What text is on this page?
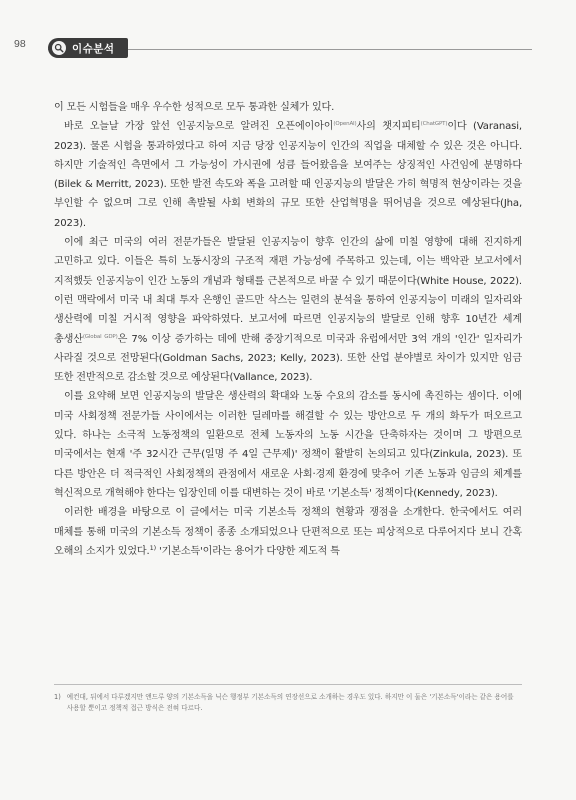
98	이슈분석

이 모든 시험들을 매우 우수한 성적으로 모두 통과한 실체가 있다.

바로 오늘날 가장 앞선 인공지능으로 알려진 오픈에이아이$^{(OpenAI)}$사의 챗지피티$^{(ChatGPT)}$이다 (Varanasi, 2023). 물론 시험을 통과하였다고 하여 지금 당장 인공지능이 인간의 직업을 대체할 수 있은 것은 아니다. 하지만 기술적인 측면에서 그 가능성이 가시권에 성큼 들어왔음을 보여주는 상징적인 사건임에 분명하다(Bilek & Merritt, 2023). 또한 발전 속도와 폭을 고려할 때 인공지능의 발달은 가히 혁명적 현상이라는 것을 부인할 수 없으며 그로 인해 촉발될 사회 변화의 규모 또한 산업혁명을 뛰어넘을 것으로 예상된다(Jha, 2023).

이에 최근 미국의 여러 전문가들은 발달된 인공지능이 향후 인간의 삶에 미칠 영향에 대해 진지하게 고민하고 있다. 이들은 특히 노동시장의 구조적 재편 가능성에 주목하고 있는데, 이는 백악관 보고서에서 지적했듯 인공지능이 인간 노동의 개념과 형태를 근본적으로 바꿀 수 있기 때문이다(White House, 2022). 이런 맥락에서 미국 내 최대 투자 은행인 골드만 삭스는 일련의 분석을 통하여 인공지능이 미래의 일자리와 생산력에 미칠 거시적 영향을 파악하였다. 보고서에 따르면 인공지능의 발달로 인해 향후 10년간 세계 총생산$^{(Global GDP)}$은 7% 이상 증가하는 데에 반해 중장기적으로 미국과 유럽에서만 3억 개의 '인간' 일자리가 사라질 것으로 전망된다(Goldman Sachs, 2023; Kelly, 2023). 또한 산업 분야별로 차이가 있지만 임금 또한 전반적으로 감소할 것으로 예상된다(Vallance, 2023).

이를 요약해 보면 인공지능의 발달은 생산력의 확대와 노동 수요의 감소를 동시에 촉진하는 셈이다. 이에 미국 사회정책 전문가들 사이에서는 이러한 딜레마를 해결할 수 있는 방안으로 두 개의 화두가 떠오르고 있다. 하나는 소극적 노동정책의 일환으로 전체 노동자의 노동 시간을 단축하자는 것이며 그 방편으로 미국에서는 현재 '주 32시간 근무(일명 주 4일 근무제)' 정책이 활발히 논의되고 있다(Zinkula, 2023). 또 다른 방안은 더 적극적인 사회정책의 관점에서 새로운 사회·경제 환경에 맞추어 기존 노동과 임금의 체계를 혁신적으로 개혁해야 한다는 입장인데 이를 대변하는 것이 바로 '기본소득' 정책이다(Kennedy, 2023).

이러한 배경을 바탕으로 이 글에서는 미국 기본소득 정책의 현황과 쟁점을 소개한다. 한국에서도 여러 매체를 통해 미국의 기본소득 정책이 종종 소개되었으나 단편적으로 또는 피상적으로 다루어지다 보니 간혹 오해의 소지가 있었다.$^{1)}$ '기본소득'이라는 용어가 다양한 제도적 특

1) 예컨대, 뒤에서 다루겠지만 앤드루 양의 기본소득을 닉슨 행정부 기본소득의 연장선으로 소개하는 경우도 있다. 하지만 이 둘은 '기본소득'이라는 같은 용어를 사용할 뿐이고 정책적 접근 방식은 전혀 다르다.
